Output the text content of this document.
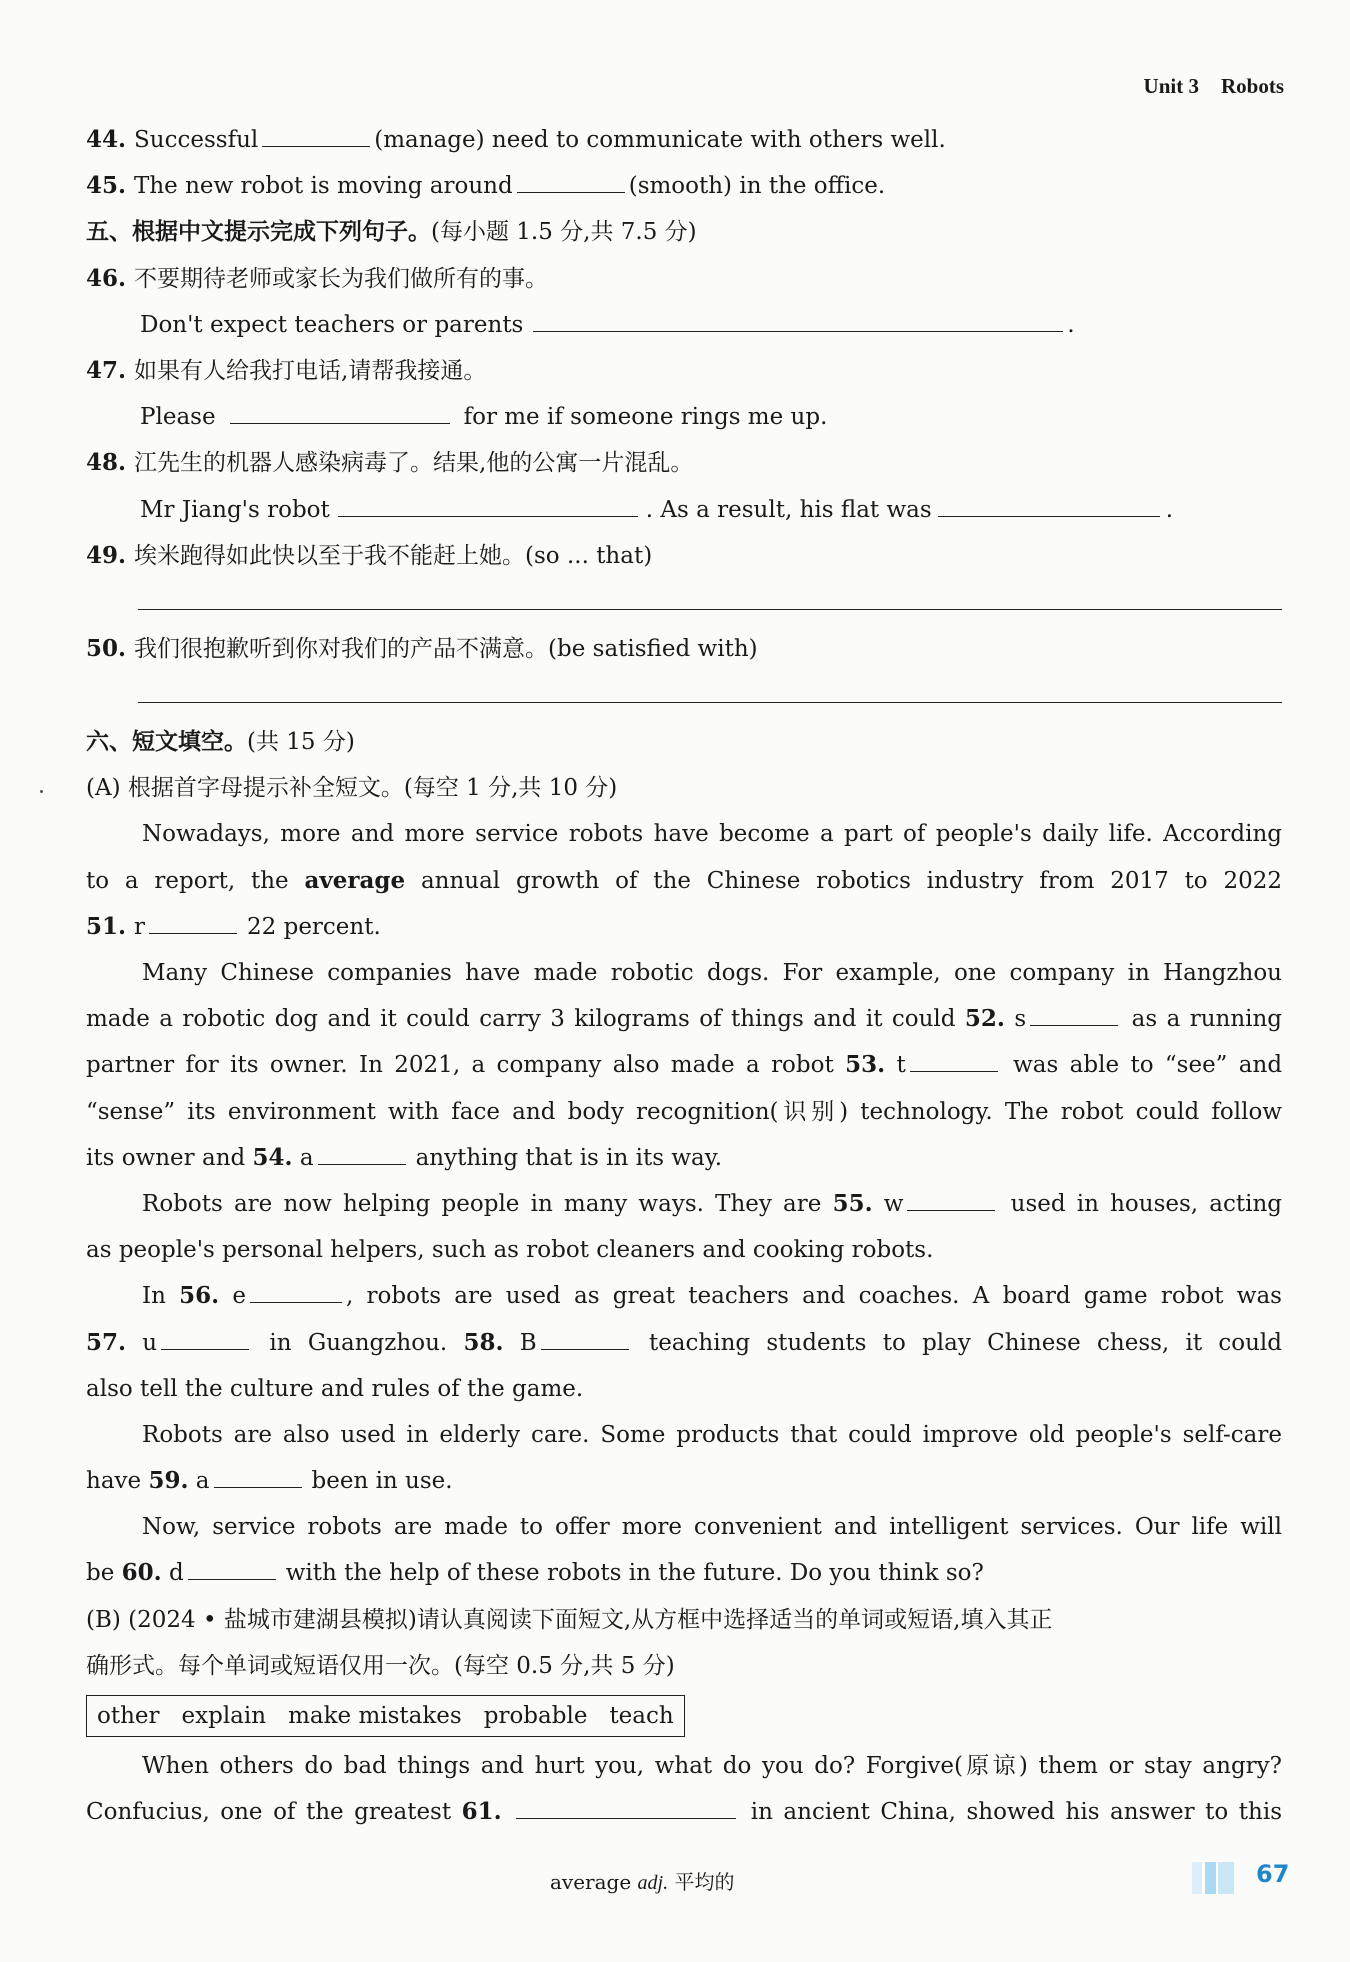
Unit 3 Robots
44. Successful	(manage) need to communicate with others well.
45. The new robot is moving around	(smooth) in the office.
五、根据中文提示完成下列句子。(每小题 1.5 分,共 7.5 分)
46. 不要期待老师或家长为我们做所有的事。
Don't expect teachers or parents	.
47. 如果有人给我打电话,请帮我接通。
Please	for me if someone rings me up.
48. 江先生的机器人感染病毒了。结果,他的公寓一片混乱。
Mr Jiang's robot	. As a result, his flat was	.
49. 埃米跑得如此快以至于我不能赶上她。(so ... that)
50. 我们很抱歉听到你对我们的产品不满意。(be satisfied with)
六、短文填空。(共 15 分)
(A) 根据首字母提示补全短文。(每空 1 分,共 10 分)
Nowadays, more and more service robots have become a part of people's daily life. According
to a report, the average annual growth of the Chinese robotics industry from 2017 to 2022
51. r	22 percent.
Many Chinese companies have made robotic dogs. For example, one company in Hangzhou
made a robotic dog and it could carry 3 kilograms of things and it could 52. s	as a running
partner for its owner. In 2021, a company also made a robot 53. t	was able to “see” and
“sense” its environment with face and body recognition(识别) technology. The robot could follow
its owner and 54. a	anything that is in its way.
Robots are now helping people in many ways. They are 55. w	used in houses, acting
as people's personal helpers, such as robot cleaners and cooking robots.
In 56. e	, robots are used as great teachers and coaches. A board game robot was
57. u	in Guangzhou. 58. B	teaching students to play Chinese chess, it could
also tell the culture and rules of the game.
Robots are also used in elderly care. Some products that could improve old people's self-care
have 59. a	been in use.
Now, service robots are made to offer more convenient and intelligent services. Our life will
be 60. d	with the help of these robots in the future. Do you think so?
(B) (2024 • 盐城市建湖县模拟)请认真阅读下面短文,从方框中选择适当的单词或短语,填入其正
确形式。每个单词或短语仅用一次。(每空 0.5 分,共 5 分)
other explain make mistakes probable teach
When others do bad things and hurt you, what do you do? Forgive(原谅) them or stay angry?
Confucius, one of the greatest 61.	in ancient China, showed his answer to this
average adj. 平均的	67
